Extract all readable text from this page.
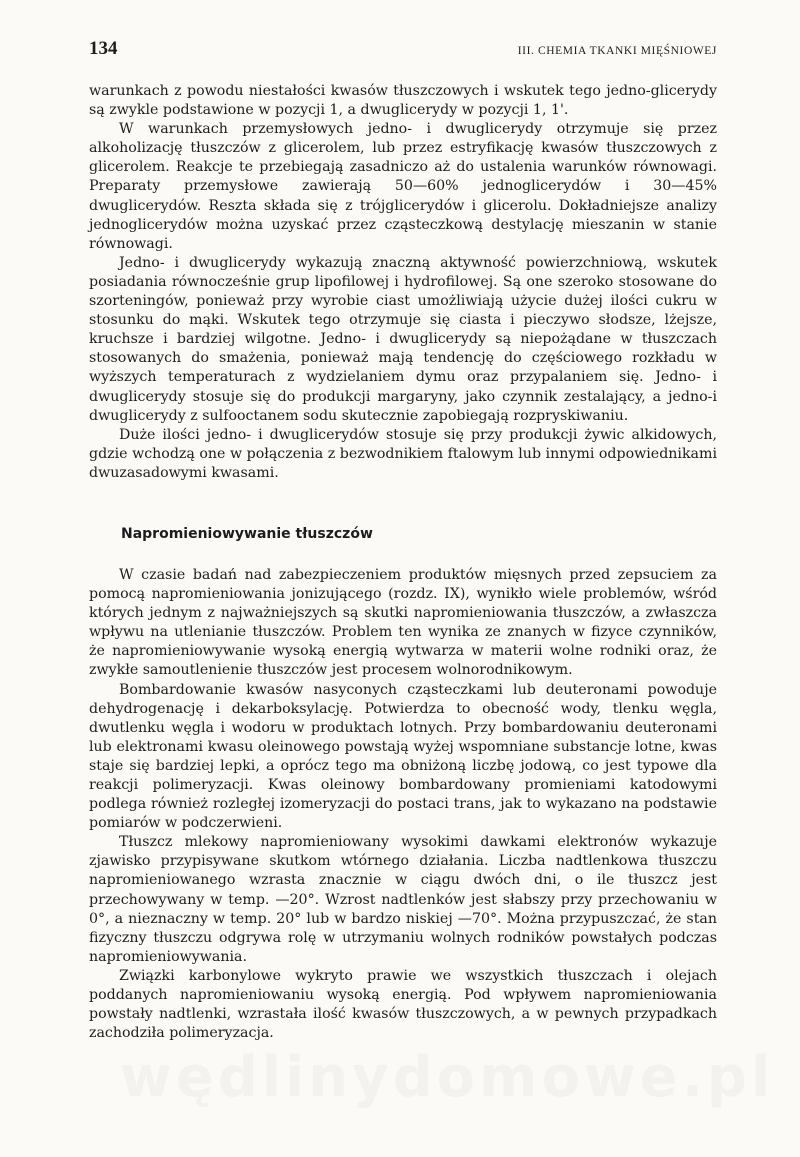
wędlinydomowe.pl
134	III. CHEMIA TKANKI MIĘŚNIOWEJ

warunkach z powodu niestałości kwasów tłuszczowych i wskutek tego jedno-glicerydy są zwykle podstawione w pozycji 1, a dwuglicerydy w pozycji 1, 1'.

W warunkach przemysłowych jedno- i dwuglicerydy otrzymuje się przez alkoholizację tłuszczów z glicerolem, lub przez estryfikację kwasów tłuszczowych z glicerolem. Reakcje te przebiegają zasadniczo aż do ustalenia warunków równowagi. Preparaty przemysłowe zawierają 50—60% jednoglicerydów i 30—45% dwuglicerydów. Reszta składa się z trójglicerydów i glicerolu. Dokładniejsze analizy jednoglicerydów można uzyskać przez cząsteczkową destylację mieszanin w stanie równowagi.

Jedno- i dwuglicerydy wykazują znaczną aktywność powierzchniową, wskutek posiadania równocześnie grup lipofilowej i hydrofilowej. Są one szeroko stosowane do szorteningów, ponieważ przy wyrobie ciast umożliwiają użycie dużej ilości cukru w stosunku do mąki. Wskutek tego otrzymuje się ciasta i pieczywo słodsze, lżejsze, kruchsze i bardziej wilgotne. Jedno- i dwuglicerydy są niepożądane w tłuszczach stosowanych do smażenia, ponieważ mają tendencję do częściowego rozkładu w wyższych temperaturach z wydzielaniem dymu oraz przypalaniem się. Jedno- i dwuglicerydy stosuje się do produkcji margaryny, jako czynnik zestalający, a jedno-i dwuglicerydy z sulfooctanem sodu skutecznie zapobiegają rozpryskiwaniu.

Duże ilości jedno- i dwuglicerydów stosuje się przy produkcji żywic alkidowych, gdzie wchodzą one w połączenia z bezwodnikiem ftalowym lub innymi odpowiednikami dwuzasadowymi kwasami.

Napromieniowywanie tłuszczów

W czasie badań nad zabezpieczeniem produktów mięsnych przed zepsuciem za pomocą napromieniowania jonizującego (rozdz. IX), wynikło wiele problemów, wśród których jednym z najważniejszych są skutki napromieniowania tłuszczów, a zwłaszcza wpływu na utlenianie tłuszczów. Problem ten wynika ze znanych w fizyce czynników, że napromieniowywanie wysoką energią wytwarza w materii wolne rodniki oraz, że zwykłe samoutlenienie tłuszczów jest procesem wolnorodnikowym.

Bombardowanie kwasów nasyconych cząsteczkami lub deuteronami powoduje dehydrogenację i dekarboksylację. Potwierdza to obecność wody, tlenku węgla, dwutlenku węgla i wodoru w produktach lotnych. Przy bombardowaniu deuteronami lub elektronami kwasu oleinowego powstają wyżej wspomniane substancje lotne, kwas staje się bardziej lepki, a oprócz tego ma obniżoną liczbę jodową, co jest typowe dla reakcji polimeryzacji. Kwas oleinowy bombardowany promieniami katodowymi podlega również rozległej izomeryzacji do postaci trans, jak to wykazano na podstawie pomiarów w podczerwieni.

Tłuszcz mlekowy napromieniowany wysokimi dawkami elektronów wykazuje zjawisko przypisywane skutkom wtórnego działania. Liczba nadtlenkowa tłuszczu napromieniowanego wzrasta znacznie w ciągu dwóch dni, o ile tłuszcz jest przechowywany w temp. —20°. Wzrost nadtlenków jest słabszy przy przechowaniu w 0°, a nieznaczny w temp. 20° lub w bardzo niskiej —70°. Można przypuszczać, że stan fizyczny tłuszczu odgrywa rolę w utrzymaniu wolnych rodników powstałych podczas napromieniowywania.

Związki karbonylowe wykryto prawie we wszystkich tłuszczach i olejach poddanych napromieniowaniu wysoką energią. Pod wpływem napromieniowania powstały nadtlenki, wzrastała ilość kwasów tłuszczowych, a w pewnych przypadkach zachodziła polimeryzacja.
